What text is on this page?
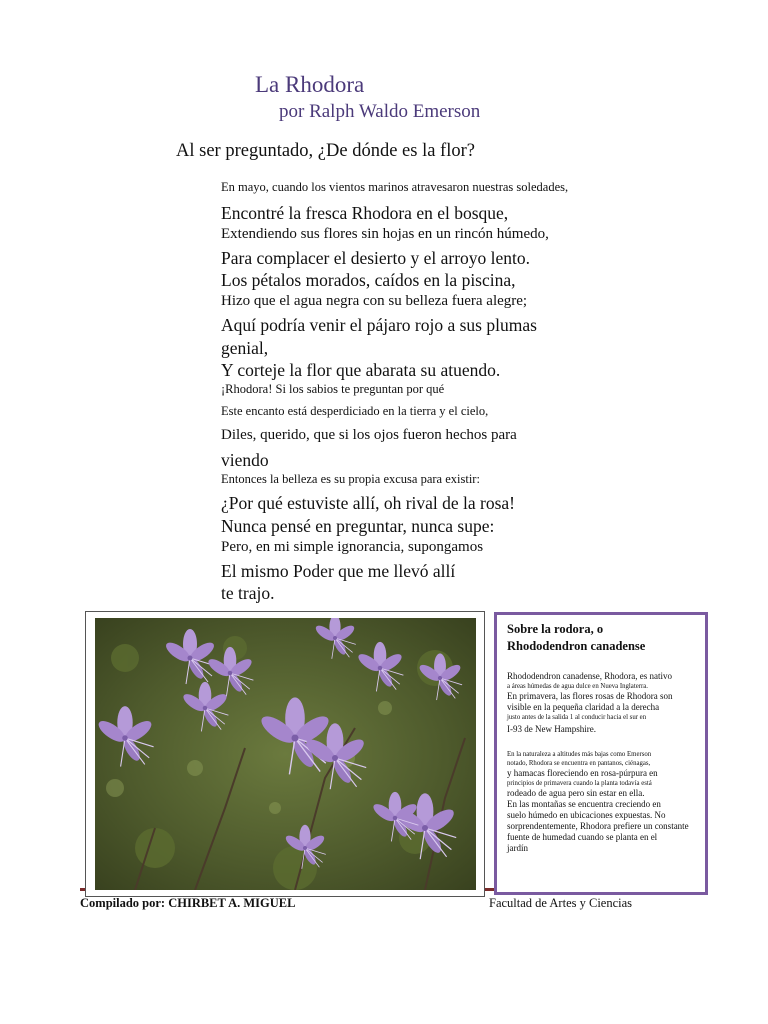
La Rhodora
por Ralph Waldo Emerson
Al ser preguntado, ¿De dónde es la flor?
En mayo, cuando los vientos marinos atravesaron nuestras soledades,
Encontré la fresca Rhodora en el bosque,
Extendiendo sus flores sin hojas en un rincón húmedo,
Para complacer el desierto y el arroyo lento.
Los pétalos morados, caídos en la piscina,
Hizo que el agua negra con su belleza fuera alegre;
Aquí podría venir el pájaro rojo a sus plumas
genial,
Y corteje la flor que abarata su atuendo.
¡Rhodora! Si los sabios te preguntan por qué
Este encanto está desperdiciado en la tierra y el cielo,
Diles, querido, que si los ojos fueron hechos para
viendo
Entonces la belleza es su propia excusa para existir:
¿Por qué estuviste allí, oh rival de la rosa!
Nunca pensé en preguntar, nunca supe:
Pero, en mi simple ignorancia, supongamos
El mismo Poder que me llevó allí
te trajo.
Sobre la rodora, o
Rhododendron canadense
Rhododendron canadense, Rhodora, es nativo
a áreas húmedas de agua dulce en Nueva Inglaterra.
En primavera, las flores rosas de Rhodora son
visible en la pequeña claridad a la derecha
justo antes de la salida 1 al conducir hacia el sur en
I-93 de New Hampshire.
En la naturaleza a altitudes más bajas como Emerson
notado, Rhodora se encuentra en pantanos, ciénagas,
y hamacas floreciendo en rosa-púrpura en
principios de primavera cuando la planta todavía está
rodeado de agua pero sin estar en ella.
En las montañas se encuentra creciendo en
suelo húmedo en ubicaciones expuestas. No
sorprendentemente, Rhodora prefiere un constante
fuente de humedad cuando se planta en el
jardín
Compilado por: CHIRBET A. MIGUEL	Facultad de Artes y Ciencias
